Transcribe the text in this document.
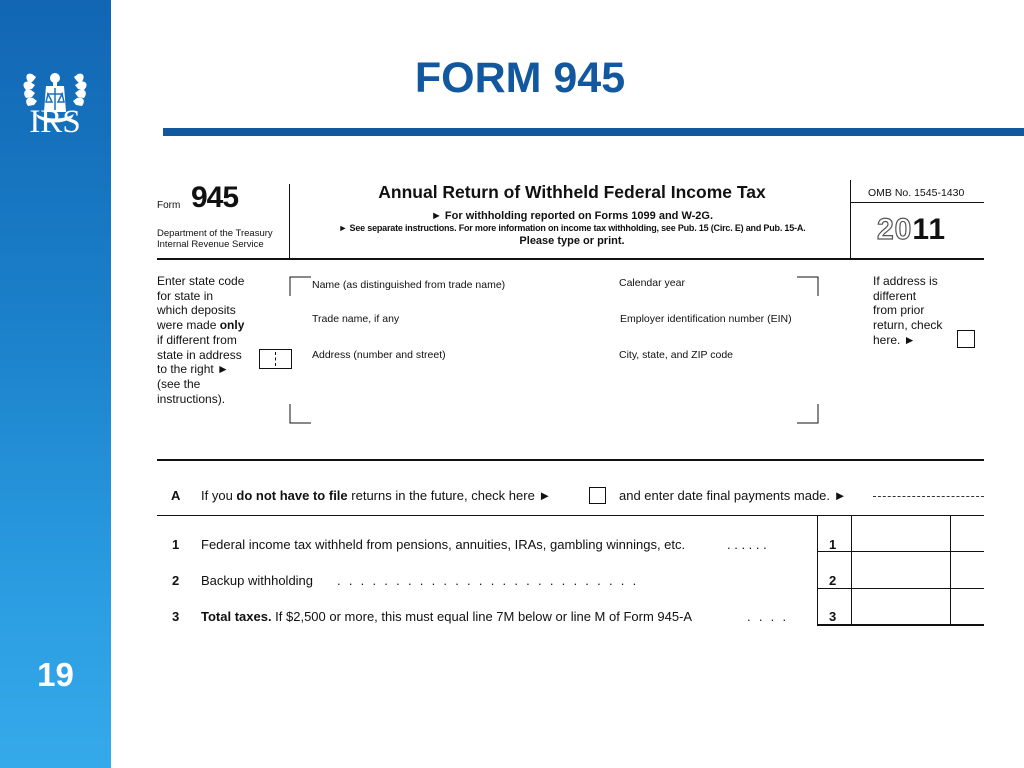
IRS
19
FORM 945
Form 945
Department of the Treasury
Internal Revenue Service
Annual Return of Withheld Federal Income Tax
► For withholding reported on Forms 1099 and W-2G.
► See separate instructions. For more information on income tax withholding, see Pub. 15 (Circ. E) and Pub. 15-A.
Please type or print.
OMB No. 1545-1430
2011
Enter state code
for state in
which deposits
were made only
if different from
state in address
to the right ►
(see the
instructions).
Name (as distinguished from trade name)	Calendar year
Trade name, if any	Employer identification number (EIN)
Address (number and street)	City, state, and ZIP code
If address is
different
from prior
return, check
here. ►
A If you do not have to file returns in the future, check here ►	and enter date final payments made. ►
1 Federal income tax withheld from pensions, annuities, IRAs, gambling winnings, etc.	. . . . . .	1
2 Backup withholding . . . . . . . . . . . . . . . . . . . . . . . . . .	2
3 Total taxes. If $2,500 or more, this must equal line 7M below or line M of Form 945-A	. . . .	3
